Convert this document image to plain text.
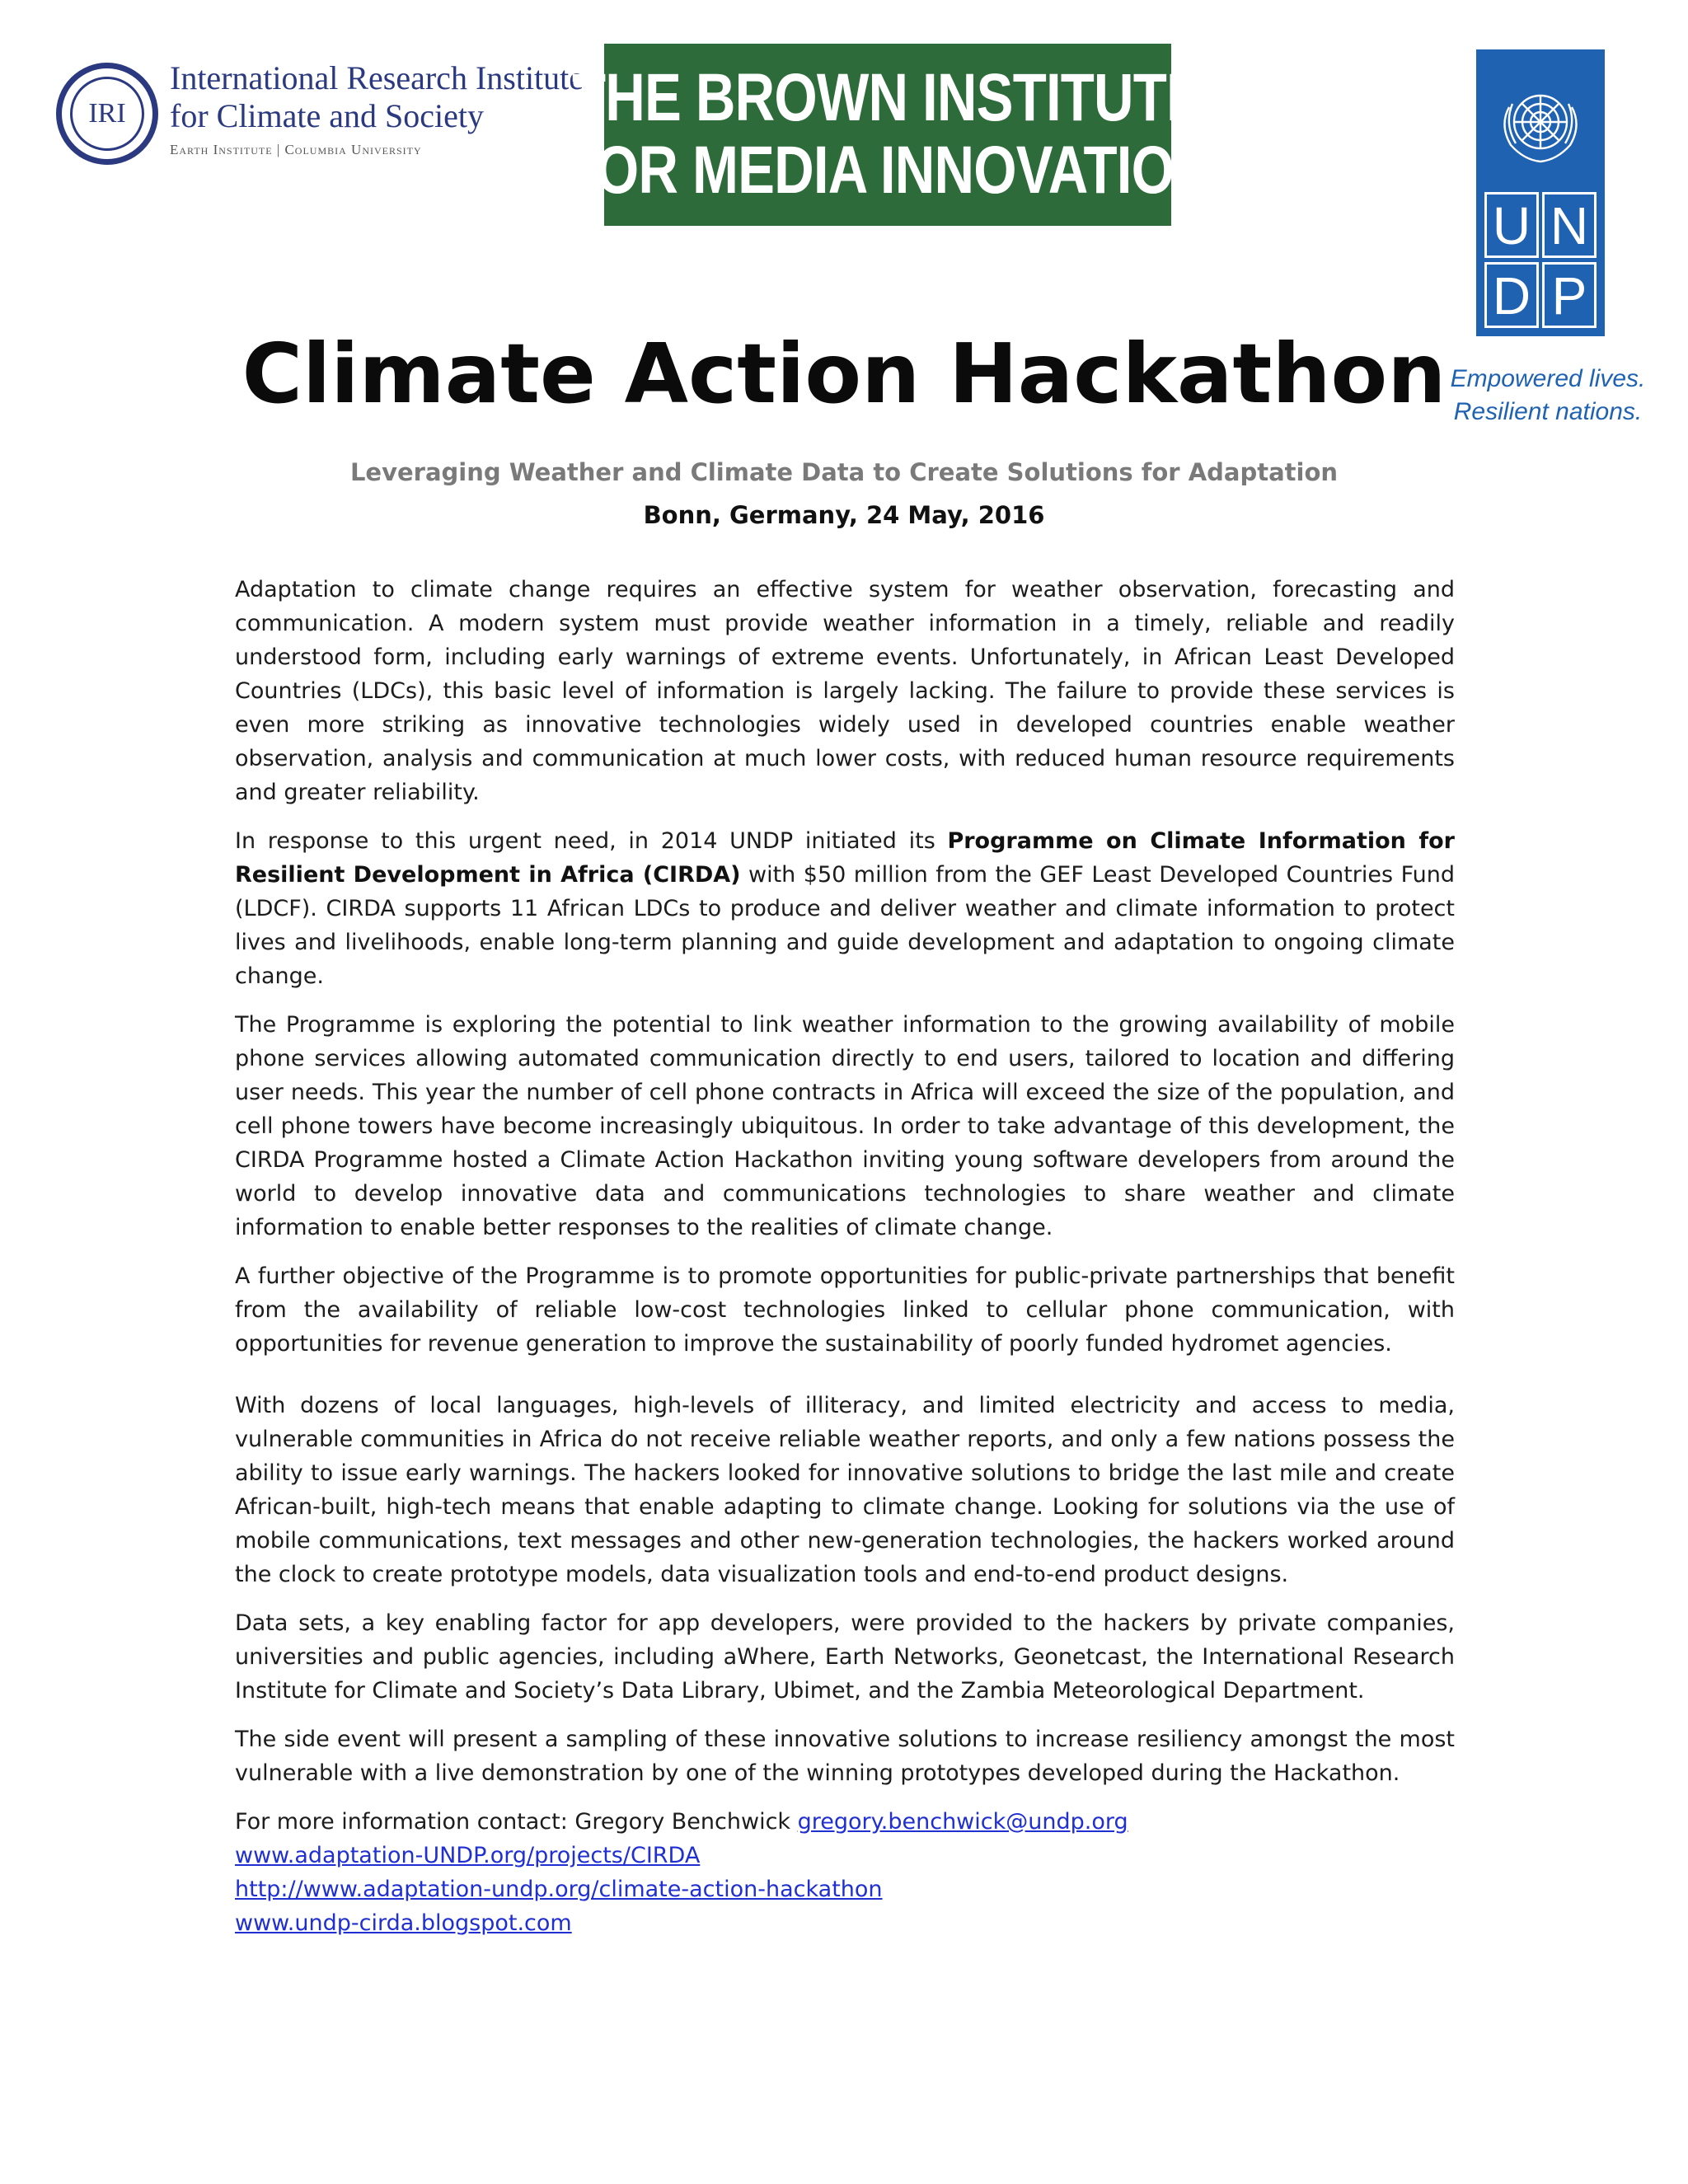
IRI
International Research Institute
for Climate and Society
Earth Institute | Columbia University
THE BROWN INSTITUTE
FOR MEDIA INNOVATION
U N
D P
Empowered lives.
Resilient nations.
Climate Action Hackathon
Leveraging Weather and Climate Data to Create Solutions for Adaptation
Bonn, Germany, 24 May, 2016

Adaptation to climate change requires an effective system for weather observation, forecasting and communication. A modern system must provide weather information in a timely, reliable and readily understood form, including early warnings of extreme events. Unfortunately, in African Least Developed Countries (LDCs), this basic level of information is largely lacking. The failure to provide these services is even more striking as innovative technologies widely used in developed countries enable weather observation, analysis and communication at much lower costs, with reduced human resource requirements and greater reliability.

In response to this urgent need, in 2014 UNDP initiated its Programme on Climate Information for Resilient Development in Africa (CIRDA) with $50 million from the GEF Least Developed Countries Fund (LDCF). CIRDA supports 11 African LDCs to produce and deliver weather and climate information to protect lives and livelihoods, enable long-term planning and guide development and adaptation to ongoing climate change.

The Programme is exploring the potential to link weather information to the growing availability of mobile phone services allowing automated communication directly to end users, tailored to location and differing user needs. This year the number of cell phone contracts in Africa will exceed the size of the population, and cell phone towers have become increasingly ubiquitous. In order to take advantage of this development, the CIRDA Programme hosted a Climate Action Hackathon inviting young software developers from around the world to develop innovative data and communications technologies to share weather and climate information to enable better responses to the realities of climate change.

A further objective of the Programme is to promote opportunities for public-private partnerships that benefit from the availability of reliable low-cost technologies linked to cellular phone communication, with opportunities for revenue generation to improve the sustainability of poorly funded hydromet agencies.

With dozens of local languages, high-levels of illiteracy, and limited electricity and access to media, vulnerable communities in Africa do not receive reliable weather reports, and only a few nations possess the ability to issue early warnings. The hackers looked for innovative solutions to bridge the last mile and create African-built, high-tech means that enable adapting to climate change. Looking for solutions via the use of mobile communications, text messages and other new-generation technologies, the hackers worked around the clock to create prototype models, data visualization tools and end-to-end product designs.

Data sets, a key enabling factor for app developers, were provided to the hackers by private companies, universities and public agencies, including aWhere, Earth Networks, Geonetcast, the International Research Institute for Climate and Society’s Data Library, Ubimet, and the Zambia Meteorological Department.

The side event will present a sampling of these innovative solutions to increase resiliency amongst the most vulnerable with a live demonstration by one of the winning prototypes developed during the Hackathon.

For more information contact: Gregory Benchwick gregory.benchwick@undp.org
www.adaptation-UNDP.org/projects/CIRDA
http://www.adaptation-undp.org/climate-action-hackathon
www.undp-cirda.blogspot.com
